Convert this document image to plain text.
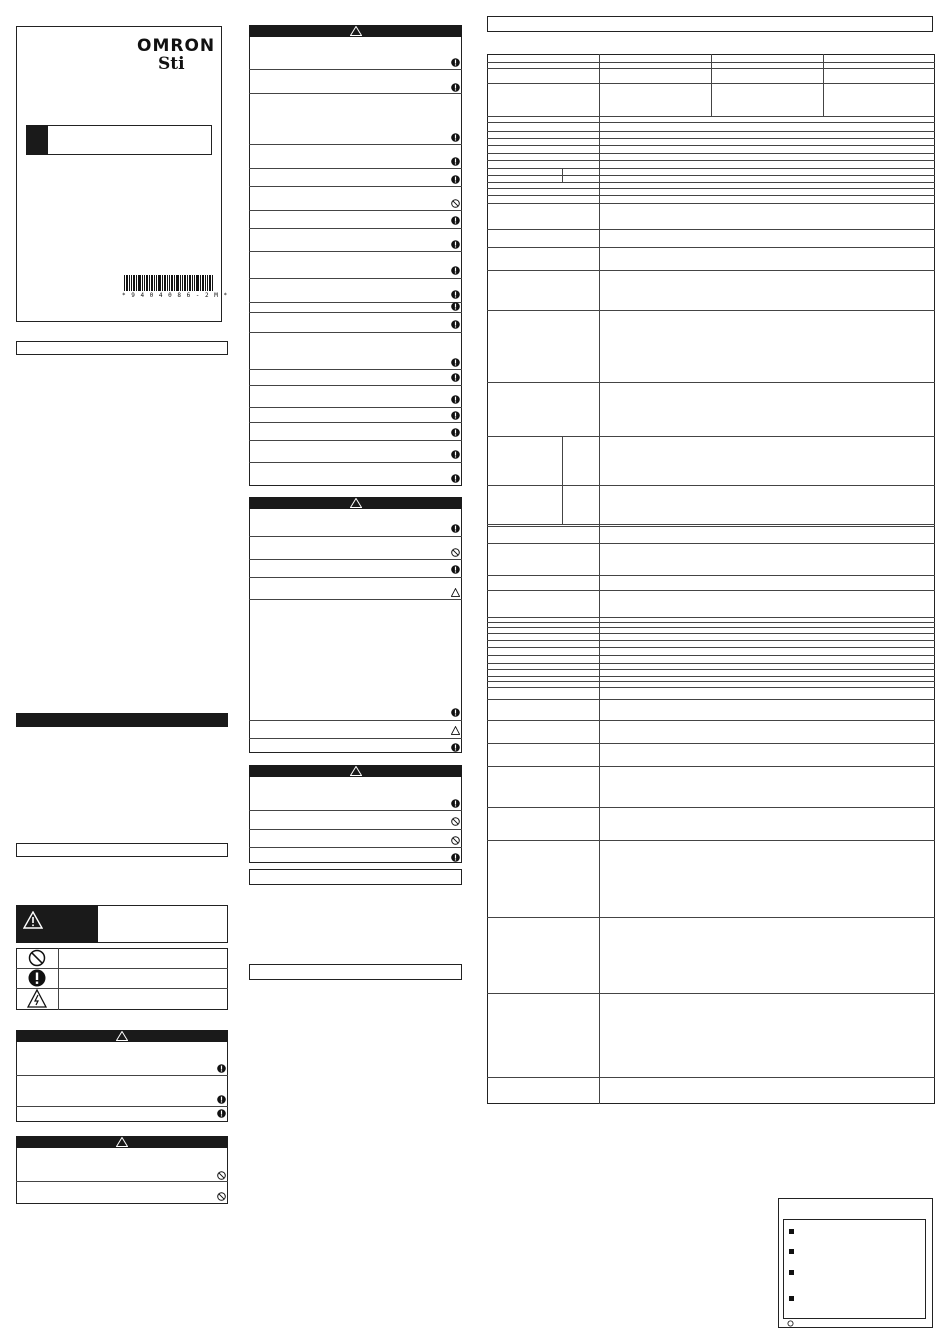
OMRON
Sti
* 9 4 0 4 0 8 6 - 2 M *
